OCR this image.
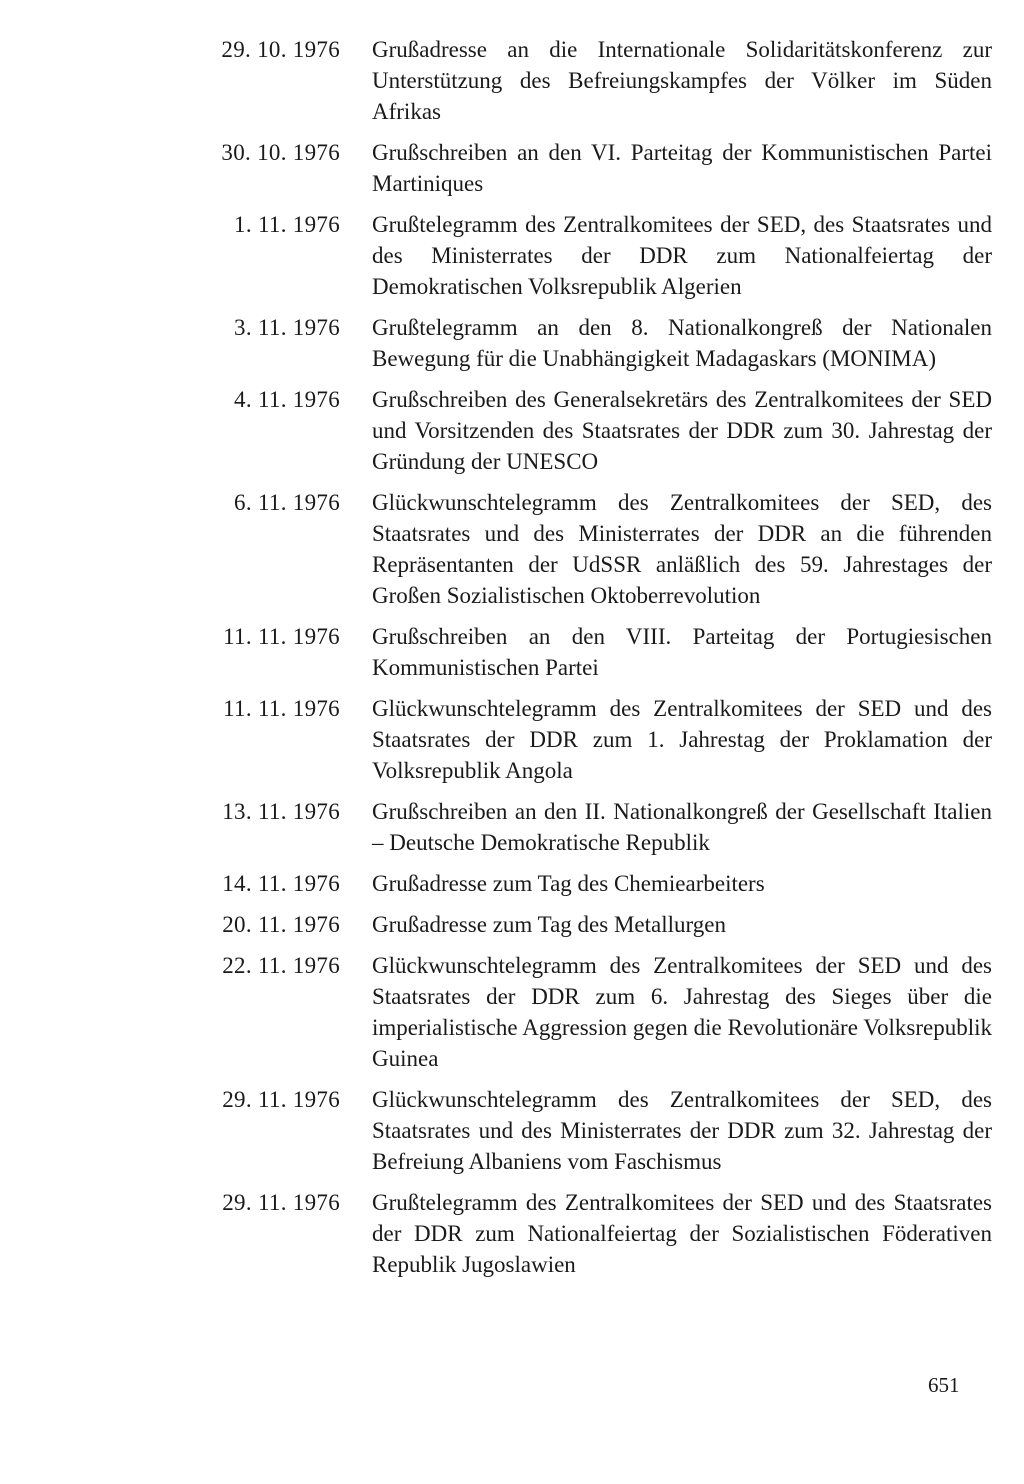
29. 10. 1976 Grußadresse an die Internationale Solidaritätskonferenz zur Unterstützung des Befreiungskampfes der Völker im Süden Afrikas
30. 10. 1976 Grußschreiben an den VI. Parteitag der Kommunistischen Partei Martiniques
1. 11. 1976 Grußtelegramm des Zentralkomitees der SED, des Staatsrates und des Ministerrates der DDR zum Nationalfeiertag der Demokratischen Volksrepublik Algerien
3. 11. 1976 Grußtelegramm an den 8. Nationalkongreß der Nationalen Bewegung für die Unabhängigkeit Madagaskars (MONIMA)
4. 11. 1976 Grußschreiben des Generalsekretärs des Zentralkomitees der SED und Vorsitzenden des Staatsrates der DDR zum 30. Jahrestag der Gründung der UNESCO
6. 11. 1976 Glückwunschtelegramm des Zentralkomitees der SED, des Staatsrates und des Ministerrates der DDR an die führenden Repräsentanten der UdSSR anläßlich des 59. Jahrestages der Großen Sozialistischen Oktoberrevolution
11. 11. 1976 Grußschreiben an den VIII. Parteitag der Portugiesischen Kommunistischen Partei
11. 11. 1976 Glückwunschtelegramm des Zentralkomitees der SED und des Staatsrates der DDR zum 1. Jahrestag der Proklamation der Volksrepublik Angola
13. 11. 1976 Grußschreiben an den II. Nationalkongreß der Gesellschaft Italien – Deutsche Demokratische Republik
14. 11. 1976 Grußadresse zum Tag des Chemiearbeiters
20. 11. 1976 Grußadresse zum Tag des Metallurgen
22. 11. 1976 Glückwunschtelegramm des Zentralkomitees der SED und des Staatsrates der DDR zum 6. Jahrestag des Sieges über die imperialistische Aggression gegen die Revolutionäre Volksrepublik Guinea
29. 11. 1976 Glückwunschtelegramm des Zentralkomitees der SED, des Staatsrates und des Ministerrates der DDR zum 32. Jahrestag der Befreiung Albaniens vom Faschismus
29. 11. 1976 Grußtelegramm des Zentralkomitees der SED und des Staatsrates der DDR zum Nationalfeiertag der Sozialistischen Föderativen Republik Jugoslawien
651
